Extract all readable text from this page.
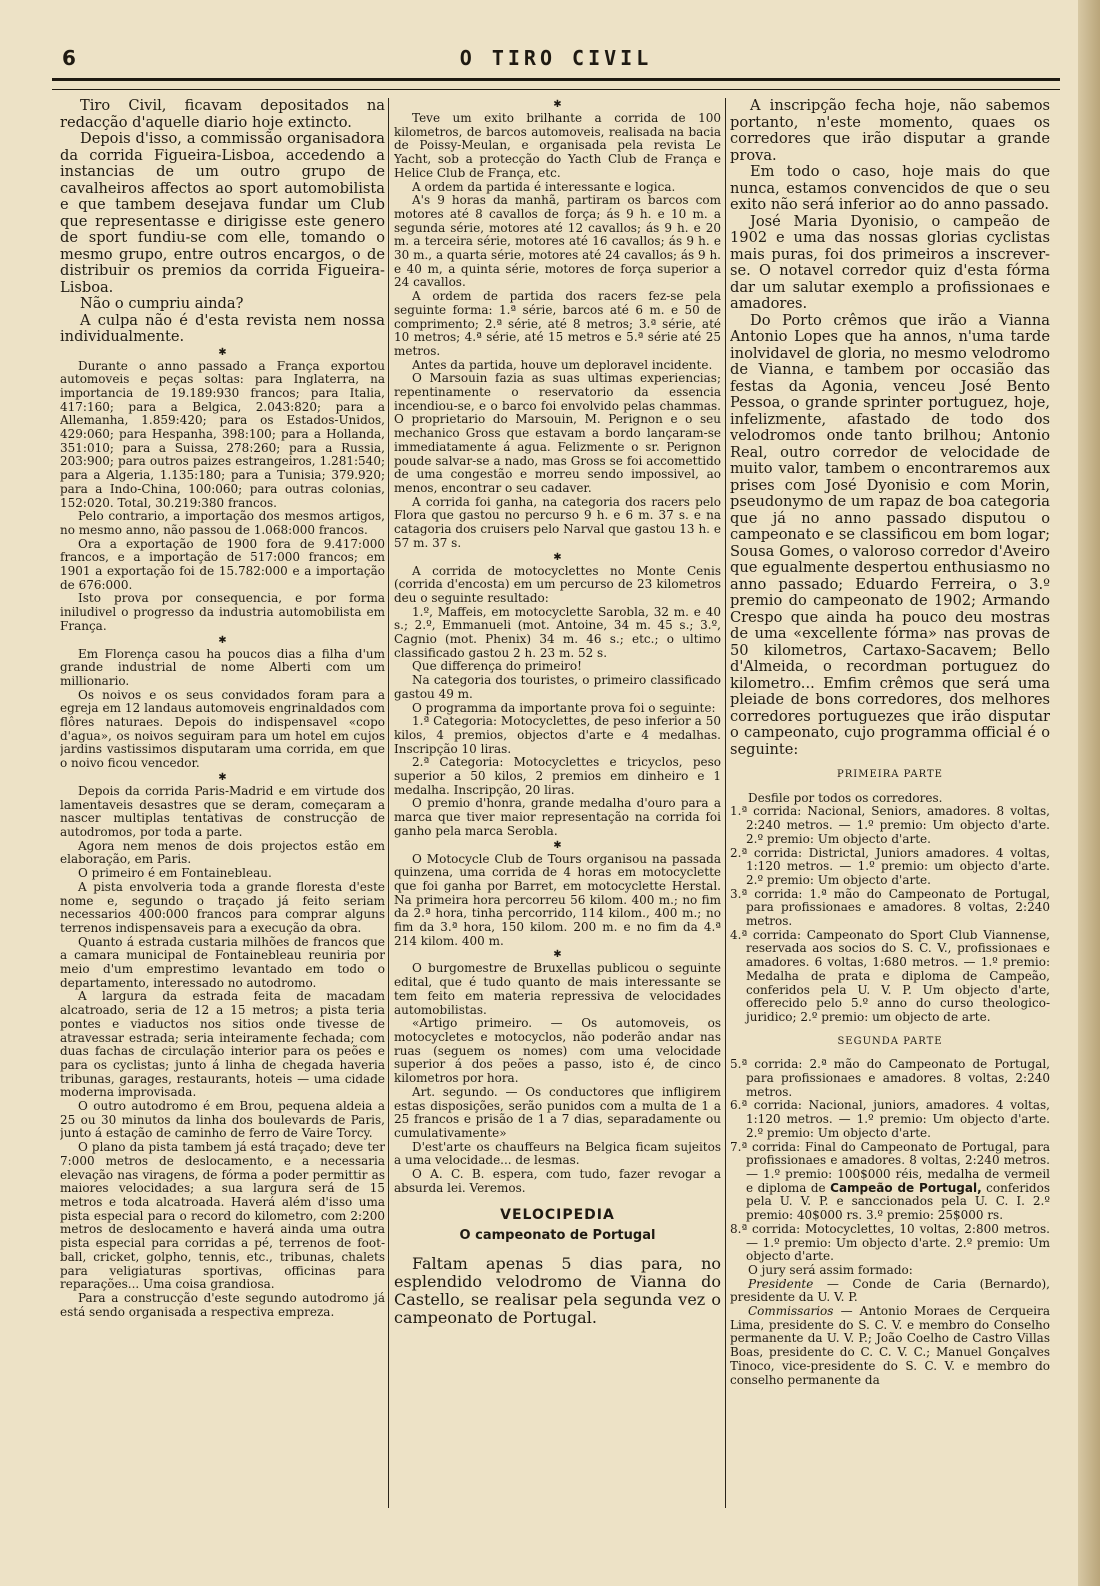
6	O TIRO CIVIL

Tiro Civil, ficavam depositados na redacção d'aquelle diario hoje extincto.

Depois d'isso, a commissão organisadora da corrida Figueira-Lisboa, accedendo a instancias de um outro grupo de cavalheiros affectos ao sport automobilista e que tambem desejava fundar um Club que representasse e dirigisse este genero de sport fundiu-se com elle, tomando o mesmo grupo, entre outros encargos, o de distribuir os premios da corrida Figueira-Lisboa.

Não o cumpriu ainda?

A culpa não é d'esta revista nem nossa individualmente.

✱

Durante o anno passado a França exportou automoveis e peças soltas: para Inglaterra, na importancia de 19.189:930 francos; para Italia, 417:160; para a Belgica, 2.043:820; para a Allemanha, 1.859:420; para os Estados-Unidos, 429:060; para Hespanha, 398:100; para a Hollanda, 351:010; para a Suissa, 278:260; para a Russia, 203:900; para outros paizes estrangeiros, 1.281:540; para a Algeria, 1.135:180; para a Tunisia; 379.920; para a Indo-China, 100:060; para outras colonias, 152:020. Total, 30.219:380 francos.

Pelo contrario, a importação dos mesmos artigos, no mesmo anno, não passou de 1.068:000 francos.

Ora a exportação de 1900 fora de 9.417:000 francos, e a importação de 517:000 francos; em 1901 a exportação foi de 15.782:000 e a importação de 676:000.

Isto prova por consequencia, e por forma iniludivel o progresso da industria automobilista em França.

✱

Em Florença casou ha poucos dias a filha d'um grande industrial de nome Alberti com um millionario.

Os noivos e os seus convidados foram para a egreja em 12 landaus automoveis engrinaldados com flôres naturaes. Depois do indispensavel «copo d'agua», os noivos seguiram para um hotel em cujos jardins vastissimos disputaram uma corrida, em que o noivo ficou vencedor.

✱

Depois da corrida Paris-Madrid e em virtude dos lamentaveis desastres que se deram, começaram a nascer multiplas tentativas de construcção de autodromos, por toda a parte.

Agora nem menos de dois projectos estão em elaboração, em Paris.

O primeiro é em Fontainebleau.

A pista envolveria toda a grande floresta d'este nome e, segundo o traçado já feito seriam necessarios 400:000 francos para comprar alguns terrenos indispensaveis para a execução da obra.

Quanto á estrada custaria milhões de francos que a camara municipal de Fontainebleau reuniria por meio d'um emprestimo levantado em todo o departamento, interessado no autodromo.

A largura da estrada feita de macadam alcatroado, seria de 12 a 15 metros; a pista teria pontes e viaductos nos sitios onde tivesse de atravessar estrada; seria inteiramente fechada; com duas fachas de circulação interior para os peões e para os cyclistas; junto á linha de chegada haveria tribunas, garages, restaurants, hoteis — uma cidade moderna improvisada.

O outro autodromo é em Brou, pequena aldeia a 25 ou 30 minutos da linha dos boulevards de Paris, junto á estação de caminho de ferro de Vaire Torcy.

O plano da pista tambem já está traçado; deve ter 7:000 metros de deslocamento, e a necessaria elevação nas viragens, de fórma a poder permittir as maiores velocidades; a sua largura será de 15 metros e toda alcatroada. Haverá além d'isso uma pista especial para o record do kilometro, com 2:200 metros de deslocamento e haverá ainda uma outra pista especial para corridas a pé, terrenos de foot-ball, cricket, golpho, tennis, etc., tribunas, chalets para veligiaturas sportivas, officinas para reparações... Uma coisa grandiosa.

Para a construcção d'este segundo autodromo já está sendo organisada a respectiva empreza.

✱

Teve um exito brilhante a corrida de 100 kilometros, de barcos automoveis, realisada na bacia de Poissy-Meulan, e organisada pela revista Le Yacht, sob a protecção do Yacth Club de França e Helice Club de França, etc.

A ordem da partida é interessante e logica.

A's 9 horas da manhã, partiram os barcos com motores até 8 cavallos de força; ás 9 h. e 10 m. a segunda série, motores até 12 cavallos; ás 9 h. e 20 m. a terceira série, motores até 16 cavallos; ás 9 h. e 30 m., a quarta série, motores até 24 cavallos; ás 9 h. e 40 m, a quinta série, motores de força superior a 24 cavallos.

A ordem de partida dos racers fez-se pela seguinte forma: 1.ª série, barcos até 6 m. e 50 de comprimento; 2.ª série, até 8 metros; 3.ª série, até 10 metros; 4.ª série, até 15 metros e 5.ª série até 25 metros.

Antes da partida, houve um deploravel incidente.

O Marsouin fazia as suas ultimas experiencias; repentinamente o reservatorio da essencia incendiou-se, e o barco foi envolvido pelas chammas. O proprietario do Marsouin, M. Perignon e o seu mechanico Gross que estavam a bordo lançaram-se immediatamente á agua. Felizmente o sr. Perignon poude salvar-se a nado, mas Gross se foi accomettido de uma congestão e morreu sendo impossivel, ao menos, encontrar o seu cadaver.

A corrida foi ganha, na categoria dos racers pelo Flora que gastou no percurso 9 h. e 6 m. 37 s. e na catagoria dos cruisers pelo Narval que gastou 13 h. e 57 m. 37 s.

✱

A corrida de motocyclettes no Monte Cenis (corrida d'encosta) em um percurso de 23 kilometros deu o seguinte resultado:

1.º, Maffeis, em motocyclette Sarobla, 32 m. e 40 s.; 2.º, Emmanueli (mot. Antoine, 34 m. 45 s.; 3.º, Cagnio (mot. Phenix) 34 m. 46 s.; etc.; o ultimo classificado gastou 2 h. 23 m. 52 s.

Que differença do primeiro!

Na categoria dos touristes, o primeiro classificado gastou 49 m.

O programma da importante prova foi o seguinte:

1.ª Categoria: Motocyclettes, de peso inferior a 50 kilos, 4 premios, objectos d'arte e 4 medalhas. Inscripção 10 liras.

2.ª Categoria: Motocyclettes e tricyclos, peso superior a 50 kilos, 2 premios em dinheiro e 1 medalha. Inscripção, 20 liras.

O premio d'honra, grande medalha d'ouro para a marca que tiver maior representação na corrida foi ganho pela marca Serobla.

✱

O Motocycle Club de Tours organisou na passada quinzena, uma corrida de 4 horas em motocyclette que foi ganha por Barret, em motocyclette Herstal. Na primeira hora percorreu 56 kilom. 400 m.; no fim da 2.ª hora, tinha percorrido, 114 kilom., 400 m.; no fim da 3.ª hora, 150 kilom. 200 m. e no fim da 4.ª 214 kilom. 400 m.

✱

O burgomestre de Bruxellas publicou o seguinte edital, que é tudo quanto de mais interessante se tem feito em materia repressiva de velocidades automobilistas.

«Artigo primeiro. — Os automoveis, os motocycletes e motocyclos, não poderão andar nas ruas (seguem os nomes) com uma velocidade superior á dos peões a passo, isto é, de cinco kilometros por hora.

Art. segundo. — Os conductores que infligirem estas disposições, serão punidos com a multa de 1 a 25 francos e prisão de 1 a 7 dias, separadamente ou cumulativamente»

D'est'arte os chauffeurs na Belgica ficam sujeitos a uma velocidade... de lesmas.

O A. C. B. espera, com tudo, fazer revogar a absurda lei. Veremos.

VELOCIPEDIA
O campeonato de Portugal

Faltam apenas 5 dias para, no esplendido velodromo de Vianna do Castello, se realisar pela segunda vez o campeonato de Portugal.

A inscripção fecha hoje, não sabemos portanto, n'este momento, quaes os corredores que irão disputar a grande prova.

Em todo o caso, hoje mais do que nunca, estamos convencidos de que o seu exito não será inferior ao do anno passado.

José Maria Dyonisio, o campeão de 1902 e uma das nossas glorias cyclistas mais puras, foi dos primeiros a inscrever-se. O notavel corredor quiz d'esta fórma dar um salutar exemplo a profissionaes e amadores.

Do Porto crêmos que irão a Vianna Antonio Lopes que ha annos, n'uma tarde inolvidavel de gloria, no mesmo velodromo de Vianna, e tambem por occasião das festas da Agonia, venceu José Bento Pessoa, o grande sprinter portuguez, hoje, infelizmente, afastado de todo dos velodromos onde tanto brilhou; Antonio Real, outro corredor de velocidade de muito valor, tambem o encontraremos aux prises com José Dyonisio e com Morin, pseudonymo de um rapaz de boa categoria que já no anno passado disputou o campeonato e se classificou em bom logar; Sousa Gomes, o valoroso corredor d'Aveiro que egualmente despertou enthusiasmo no anno passado; Eduardo Ferreira, o 3.º premio do campeonato de 1902; Armando Crespo que ainda ha pouco deu mostras de uma «excellente fórma» nas provas de 50 kilometros, Cartaxo-Sacavem; Bello d'Almeida, o recordman portuguez do kilometro... Emfim crêmos que será uma pleiade de bons corredores, dos melhores corredores portuguezes que irão disputar o campeonato, cujo programma official é o seguinte:

PRIMEIRA PARTE

Desfile por todos os corredores.

1.ª corrida: Nacional, Seniors, amadores. 8 voltas, 2:240 metros. — 1.º premio: Um objecto d'arte. 2.º premio: Um objecto d'arte.

2.ª corrida: Districtal, Juniors amadores. 4 voltas, 1:120 metros. — 1.º premio: um objecto d'arte. 2.º premio: Um objecto d'arte.

3.ª corrida: 1.ª mão do Campeonato de Portugal, para profissionaes e amadores. 8 voltas, 2:240 metros.

4.ª corrida: Campeonato do Sport Club Viannense, reservada aos socios do S. C. V., profissionaes e amadores. 6 voltas, 1:680 metros. — 1.º premio: Medalha de prata e diploma de Campeão, conferidos pela U. V. P. Um objecto d'arte, offerecido pelo 5.º anno do curso theologico-juridico; 2.º premio: um objecto de arte.

SEGUNDA PARTE

5.ª corrida: 2.ª mão do Campeonato de Portugal, para profissionaes e amadores. 8 voltas, 2:240 metros.

6.ª corrida: Nacional, juniors, amadores. 4 voltas, 1:120 metros. — 1.º premio: Um objecto d'arte. 2.º premio: Um objecto d'arte.

7.ª corrida: Final do Campeonato de Portugal, para profissionaes e amadores. 8 voltas, 2:240 metros. — 1.º premio: 100$000 réis, medalha de vermeil e diploma de Campeão de Portugal, conferidos pela U. V. P. e sanccionados pela U. C. I. 2.º premio: 40$000 rs. 3.º premio: 25$000 rs.

8.ª corrida: Motocyclettes, 10 voltas, 2:800 metros. — 1.º premio: Um objecto d'arte. 2.º premio: Um objecto d'arte.

O jury será assim formado:

Presidente — Conde de Caria (Bernardo), presidente da U. V. P.

Commissarios — Antonio Moraes de Cerqueira Lima, presidente do S. C. V. e membro do Conselho permanente da U. V. P.; João Coelho de Castro Villas Boas, presidente do C. C. V. C.; Manuel Gonçalves Tinoco, vice-presidente do S. C. V. e membro do conselho permanente da
